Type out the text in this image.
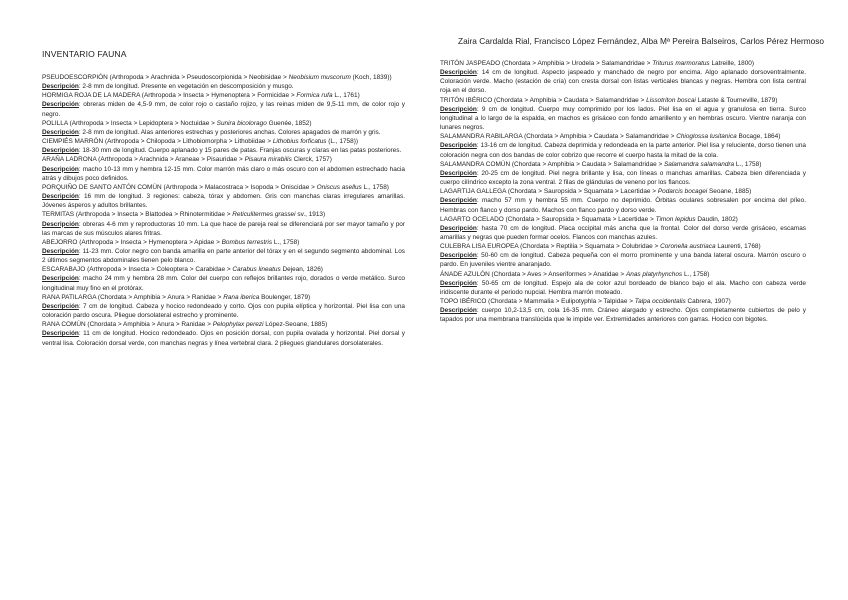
Zaira Cardalda Rial, Francisco López Fernández, Alba Mª Pereira Balseiros, Carlos Pérez Hermoso
INVENTARIO FAUNA

PSEUDOESCORPIÓN (Arthropoda > Arachnida > Pseudoscorpionida > Neobisidae > Neobisium muscorum (Koch, 1839))

Descripción: 2-8 mm de longitud. Presente en vegetación en descomposición y musgo.

HORMIGA ROJA DE LA MADERA (Arthropoda > Insecta > Hymenoptera > Formicidae > Formica rufa L., 1761)

Descripción: obreras miden de 4,5-9 mm, de color rojo o castaño rojizo, y las reinas miden de 9,5-11 mm, de color rojo y negro.

POLILLA (Arthropoda > Insecta > Lepidoptera > Noctuidae > Sunira bicolorago Guenée, 1852)

Descripción: 2-8 mm de longitud. Alas anteriores estrechas y posteriores anchas. Colores apagados de marrón y gris.

CIEMPIÉS MARRÓN (Arthropoda > Chilopoda > Lithobiomorpha > Lithobiidae > Lithobius forficatus (L., 1758))

Descripción: 18-30 mm de longitud. Cuerpo aplanado y 15 pares de patas. Franjas oscuras y claras en las patas posteriores.

ARAÑA LADRONA (Arthropoda > Arachnida > Araneae > Pisauridae > Pisaura mirabilis Clerck, 1757)

Descripción: macho 10-13 mm y hembra 12-15 mm. Color marrón más claro o más oscuro con el abdomen estrechado hacia atrás y dibujos poco definidos.

PORQUIÑO DE SANTO ANTÓN COMÚN (Arthropoda > Malacostraca > Isopoda > Oniscidae > Oniscus asellus L., 1758)

Descripción: 16 mm de longitud. 3 regiones: cabeza, tórax y abdomen. Gris con manchas claras irregulares amarillas. Jóvenes ásperos y adultos brillantes.

TERMITAS (Arthropoda > Insecta > Blattodea > Rhinotermitidae > Reticulitermes grassei sv., 1913)

Descripción: obreras 4-6 mm y reproductoras 10 mm. La que hace de pareja real se diferenciará por ser mayor tamaño y por las marcas de sus músculos alares fritras.

ABEJORRO (Arthropoda > Insecta > Hymenoptera > Apidae > Bombus terrestris L., 1758)

Descripción: 11-23 mm. Color negro con banda amarilla en parte anterior del tórax y en el segundo segmento abdominal. Los 2 últimos segmentos abdominales tienen pelo blanco.

ESCARABAJO (Arthropoda > Insecta > Coleoptera > Carabidae > Carabus lineatus Dejean, 1826)

Descripción: macho 24 mm y hembra 28 mm. Color del cuerpo con reflejos brillantes rojo, dorados o verde metálico. Surco longitudinal muy fino en el protórax.

RANA PATILARGA (Chordata > Amphibia > Anura > Ranidae > Rana iberica Boulenger, 1879)

Descripción: 7 cm de longitud. Cabeza y hocico redondeado y corto. Ojos con pupila elíptica y horizontal. Piel lisa con una coloración pardo oscura. Pliegue dorsolateral estrecho y prominente.

RANA COMÚN (Chordata > Amphibia > Anura > Ranidae > Pelophylax perezi López-Seoane, 1885)

Descripción: 11 cm de longitud. Hocico redondeado. Ojos en posición dorsal, con pupila ovalada y horizontal. Piel dorsal y ventral lisa. Coloración dorsal verde, con manchas negras y línea vertebral clara. 2 pliegues glandulares dorsolaterales.

TRITÓN JASPEADO (Chordata > Amphibia > Urodela > Salamandridae > Triturus marmoratus Latreille, 1800)

Descripción: 14 cm de longitud. Aspecto jaspeado y manchado de negro por encima. Algo aplanado dorsoventralmente. Coloración verde. Macho (estación de cría) con cresta dorsal con listas verticales blancas y negras. Hembra con lista central roja en el dorso.

TRITÓN IBÉRICO (Chordata > Amphibia > Caudata > Salamandridae > Lissotriton boscai Lataste & Tourneville, 1879)

Descripción: 9 cm de longitud. Cuerpo muy comprimido por los lados. Piel lisa en el agua y granulosa en tierra. Surco longitudinal a lo largo de la espalda, en machos es grisáceo con fondo amarillento y en hembras oscuro. Vientre naranja con lunares negros.

SALAMANDRA RABILARGA (Chordata > Amphibia > Caudata > Salamandridae > Chioglossa lusitanica Bocage, 1864)

Descripción: 13-16 cm de longitud. Cabeza deprimida y redondeada en la parte anterior. Piel lisa y reluciente, dorso tienen una coloración negra con dos bandas de color cobrizo que recorre el cuerpo hasta la mitad de la cola.

SALAMANDRA COMÚN (Chordata > Amphibia > Caudata > Salamandridae > Salamandra salamandra L., 1758)

Descripción: 20-25 cm de longitud. Piel negra brillante y lisa, con líneas o manchas amarillas. Cabeza bien diferenciada y cuerpo cilíndrico excepto la zona ventral. 2 filas de glándulas de veneno por los flancos.

LAGARTIJA GALLEGA (Chordata > Sauropsida > Squamata > Lacertidae > Podarcis bocagei Seoane, 1885)

Descripción: macho 57 mm y hembra 55 mm. Cuerpo no deprimido. Órbitas oculares sobresalen por encima del píleo. Hembras con flanco y dorso pardo. Machos con flanco pardo y dorso verde.

LAGARTO OCELADO (Chordata > Sauropsida > Squamata > Lacertidae > Timon lepidus Daudin, 1802)

Descripción: hasta 70 cm de longitud. Placa occipital más ancha que la frontal. Color del dorso verde grisáceo, escamas amarillas y negras que pueden formar ocelos. Flancos con manchas azules.

CULEBRA LISA EUROPEA (Chordata > Reptilia > Squamata > Colubridae > Coronella austriaca Laurenti, 1768)

Descripción: 50-60 cm de longitud. Cabeza pequeña con el morro prominente y una banda lateral oscura. Marrón oscuro o pardo. En juveniles vientre anaranjado.

ÁNADE AZULÓN (Chordata > Aves > Anseriformes > Anatidae > Anas platyrhynchos L., 1758)

Descripción: 50-65 cm de longitud. Espejo ala de color azul bordeado de blanco bajo el ala. Macho con cabeza verde iridiscente durante el periodo nupcial. Hembra marrón moteado.

TOPO IBÉRICO (Chordata > Mammalia > Eulipotyphla > Talpidae > Talpa occidentalis Cabrera, 1907)

Descripción: cuerpo 10,2-13,5 cm, cola 16-35 mm. Cráneo alargado y estrecho. Ojos completamente cubiertos de pelo y tapados por una membrana translúcida que le impide ver. Extremidades anteriores con garras. Hocico con bigotes.
